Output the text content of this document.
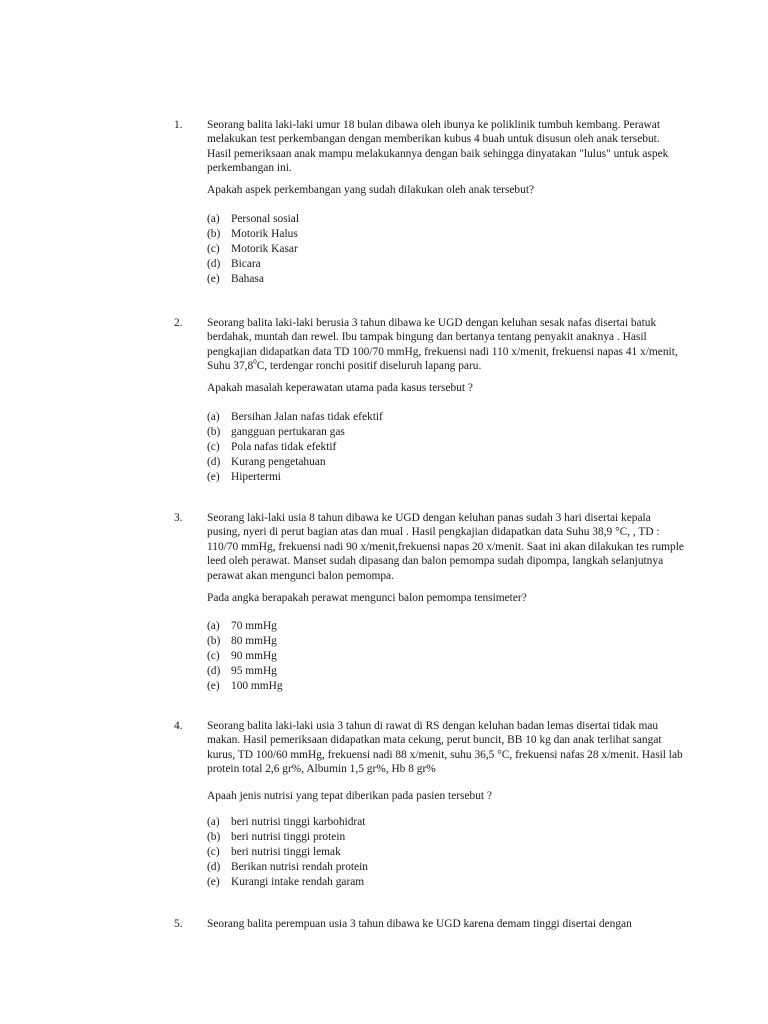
1. Seorang balita laki-laki umur 18 bulan dibawa oleh ibunya ke poliklinik tumbuh kembang. Perawat melakukan test perkembangan dengan memberikan kubus 4 buah untuk disusun oleh anak tersebut. Hasil pemeriksaan anak mampu melakukannya dengan baik sehingga dinyatakan "lulus" untuk aspek perkembangan ini.
Apakah aspek perkembangan yang sudah dilakukan oleh anak tersebut?
(a) Personal sosial
(b) Motorik Halus
(c) Motorik Kasar
(d) Bicara
(e) Bahasa
2. Seorang balita laki-laki berusia 3 tahun dibawa ke UGD dengan keluhan sesak nafas disertai batuk berdahak, muntah dan rewel. Ibu tampak bingung dan bertanya tentang penyakit anaknya . Hasil pengkajian didapatkan data TD 100/70 mmHg, frekuensi nadi 110 x/menit, frekuensi napas 41 x/menit, Suhu 37,8$^0$C, terdengar ronchi positif diseluruh lapang paru.
Apakah masalah keperawatan utama pada kasus tersebut ?
(a) Bersihan Jalan nafas tidak efektif
(b) gangguan pertukaran gas
(c) Pola nafas tidak efektif
(d) Kurang pengetahuan
(e) Hipertermi
3. Seorang laki-laki usia 8 tahun dibawa ke UGD dengan keluhan panas sudah 3 hari disertai kepala pusing, nyeri di perut bagian atas dan mual . Hasil pengkajian didapatkan data Suhu 38,9 °C, , TD : 110/70 mmHg, frekuensi nadi 90 x/menit,frekuensi napas 20 x/menit. Saat ini akan dilakukan tes rumple leed oleh perawat. Manset sudah dipasang dan balon pemompa sudah dipompa, langkah selanjutnya perawat akan mengunci balon pemompa.
Pada angka berapakah perawat mengunci balon pemompa tensimeter?
(a) 70 mmHg
(b) 80 mmHg
(c) 90 mmHg
(d) 95 mmHg
(e) 100 mmHg
4. Seorang balita laki-laki usia 3 tahun di rawat di RS dengan keluhan badan lemas disertai tidak mau makan. Hasil pemeriksaan didapatkan mata cekung, perut buncit, BB 10 kg dan anak terlihat sangat kurus, TD 100/60 mmHg, frekuensi nadi 88 x/menit, suhu 36,5 °C, frekuensi nafas 28 x/menit. Hasil lab protein total 2,6 gr%, Albumin 1,5 gr%, Hb 8 gr%
Apaah jenis nutrisi yang tepat diberikan pada pasien tersebut ?
(a) beri nutrisi tinggi karbohidrat
(b) beri nutrisi tinggi protein
(c) beri nutrisi tinggi lemak
(d) Berikan nutrisi rendah protein
(e) Kurangi intake rendah garam
5. Seorang balita perempuan usia 3 tahun dibawa ke UGD karena demam tinggi disertai dengan
